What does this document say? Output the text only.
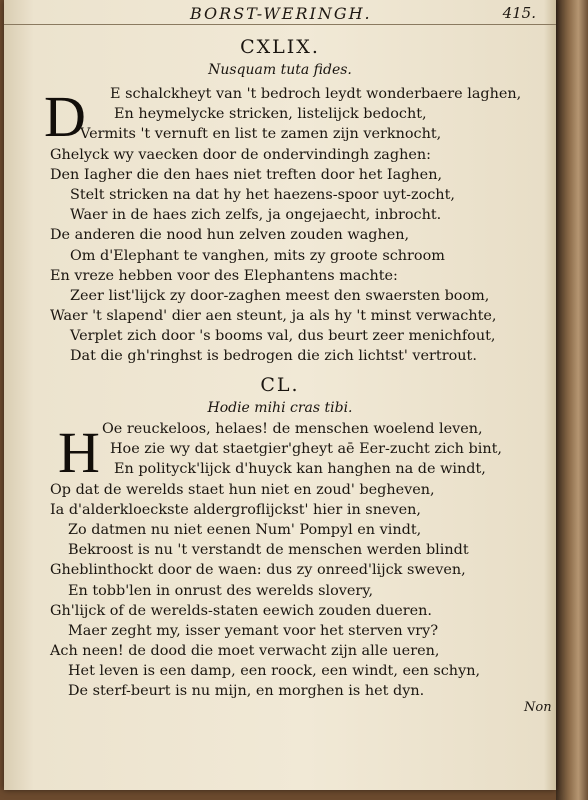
BORST-WERINGH.	415.
CXLIX.
Nusquam tuta fides.
D	E schalckheyt van 't bedroch leydt wonderbaere laghen,
En heymelycke stricken, listelijck bedocht,
Vermits 't vernuft en list te zamen zijn verknocht,
Ghelyck wy vaecken door de ondervindingh zaghen:
Den Iagher die den haes niet treften door het Iaghen,
Stelt stricken na dat hy het haezens-spoor uyt-zocht,
Waer in de haes zich zelfs, ja ongejaecht, inbrocht.
De anderen die nood hun zelven zouden waghen,
Om d'Elephant te vanghen, mits zy groote schroom
En vreze hebben voor des Elephantens machte:
Zeer list'lijck zy door-zaghen meest den swaersten boom,
Waer 't slapend' dier aen steunt, ja als hy 't minst verwachte,
Verplet zich door 's booms val, dus beurt zeer menichfout,
Dat die gh'ringhst is bedrogen die zich lichtst' vertrout.
CL.
Hodie mihi cras tibi.
H Oe reuckeloos, helaes! de menschen woelend leven,
Hoe zie wy dat staetgier'gheyt aē Eer-zucht zich bint,
En polityck'lijck d'huyck kan hanghen na de windt,
Op dat de werelds staet hun niet en zoud' begheven,
Ia d'alderkloeckste aldergroflijckst' hier in sneven,
Zo datmen nu niet eenen Num' Pompyl en vindt,
Bekroost is nu 't verstandt de menschen werden blindt
Gheblinthockt door de waen: dus zy onreed'lijck sweven,
En tobb'len in onrust des werelds slovery,
Gh'lijck of de werelds-staten eewich zouden dueren.
Maer zeght my, isser yemant voor het sterven vry?
Ach neen! de dood die moet verwacht zijn alle ueren,
Het leven is een damp, een roock, een windt, een schyn,
De sterf-beurt is nu mijn, en morghen is het dyn.
Non
